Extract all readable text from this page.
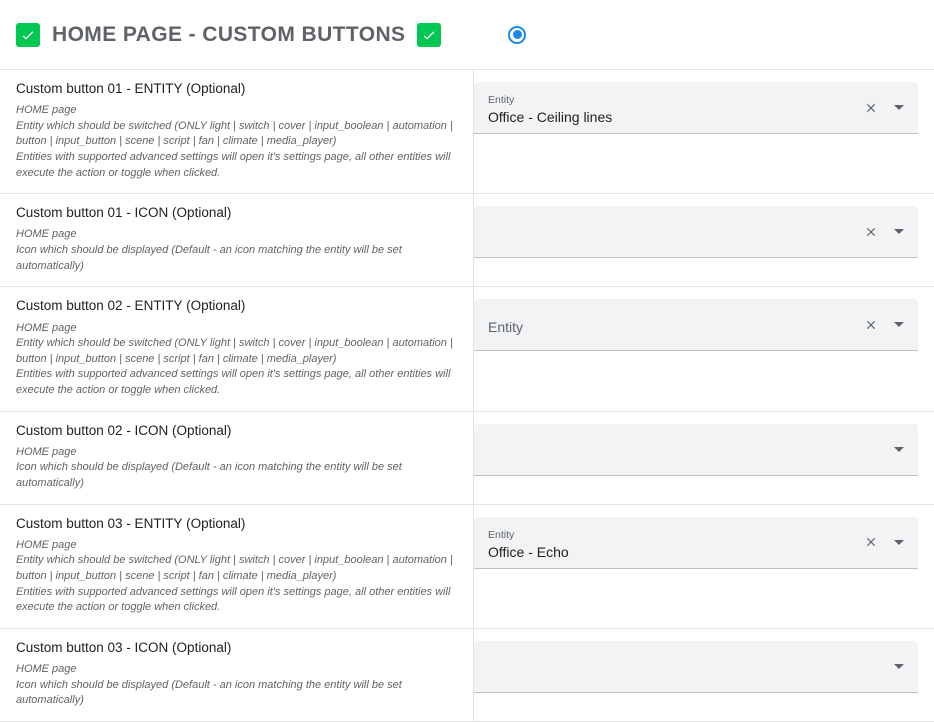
HOME PAGE - CUSTOM BUTTONS
Custom button 01 - ENTITY (Optional)
HOME page
Entity which should be switched (ONLY light | switch | cover | input_boolean | automation | button | input_button | scene | script | fan | climate | media_player)
Entities with supported advanced settings will open it's settings page, all other entities will execute the action or toggle when clicked.
Entity
Office - Ceiling lines
Custom button 01 - ICON (Optional)
HOME page
Icon which should be displayed (Default - an icon matching the entity will be set automatically)
Custom button 02 - ENTITY (Optional)
HOME page
Entity which should be switched (ONLY light | switch | cover | input_boolean | automation | button | input_button | scene | script | fan | climate | media_player)
Entities with supported advanced settings will open it's settings page, all other entities will execute the action or toggle when clicked.
Entity
Custom button 02 - ICON (Optional)
HOME page
Icon which should be displayed (Default - an icon matching the entity will be set automatically)
Custom button 03 - ENTITY (Optional)
HOME page
Entity which should be switched (ONLY light | switch | cover | input_boolean | automation | button | input_button | scene | script | fan | climate | media_player)
Entities with supported advanced settings will open it's settings page, all other entities will execute the action or toggle when clicked.
Entity
Office - Echo
Custom button 03 - ICON (Optional)
HOME page
Icon which should be displayed (Default - an icon matching the entity will be set automatically)
